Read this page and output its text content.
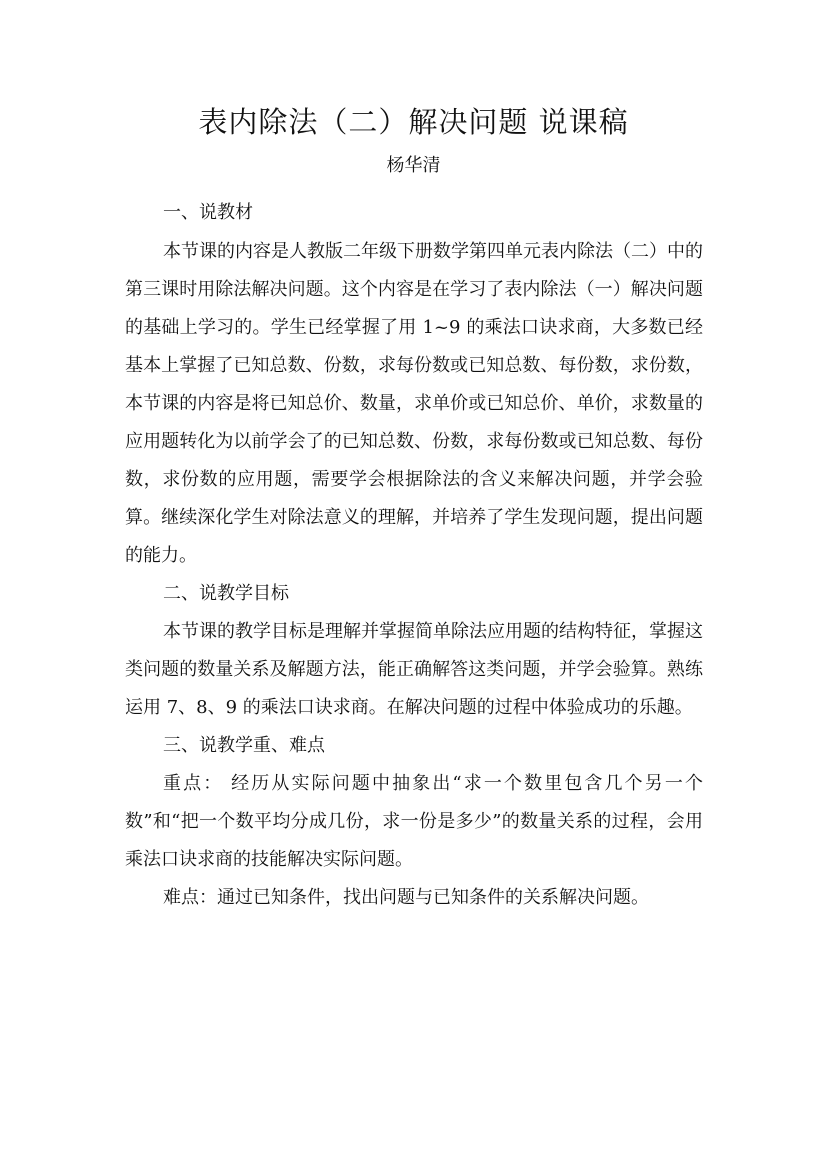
表内除法（二）解决问题 说课稿
杨华清

一、说教材

本节课的内容是人教版二年级下册数学第四单元表内除法（二）中的第三课时用除法解决问题。这个内容是在学习了表内除法（一）解决问题的基础上学习的。学生已经掌握了用 1~9 的乘法口诀求商，大多数已经基本上掌握了已知总数、份数，求每份数或已知总数、每份数，求份数，本节课的内容是将已知总价、数量，求单价或已知总价、单价，求数量的应用题转化为以前学会了的已知总数、份数，求每份数或已知总数、每份数，求份数的应用题，需要学会根据除法的含义来解决问题，并学会验算。继续深化学生对除法意义的理解，并培养了学生发现问题，提出问题的能力。

二、说教学目标

本节课的教学目标是理解并掌握简单除法应用题的结构特征，掌握这类问题的数量关系及解题方法，能正确解答这类问题，并学会验算。熟练运用 7、8、9 的乘法口诀求商。在解决问题的过程中体验成功的乐趣。

三、说教学重、难点

重点： 经历从实际问题中抽象出“求一个数里包含几个另一个数”和“把一个数平均分成几份，求一份是多少”的数量关系的过程，会用乘法口诀求商的技能解决实际问题。

难点：通过已知条件，找出问题与已知条件的关系解决问题。
